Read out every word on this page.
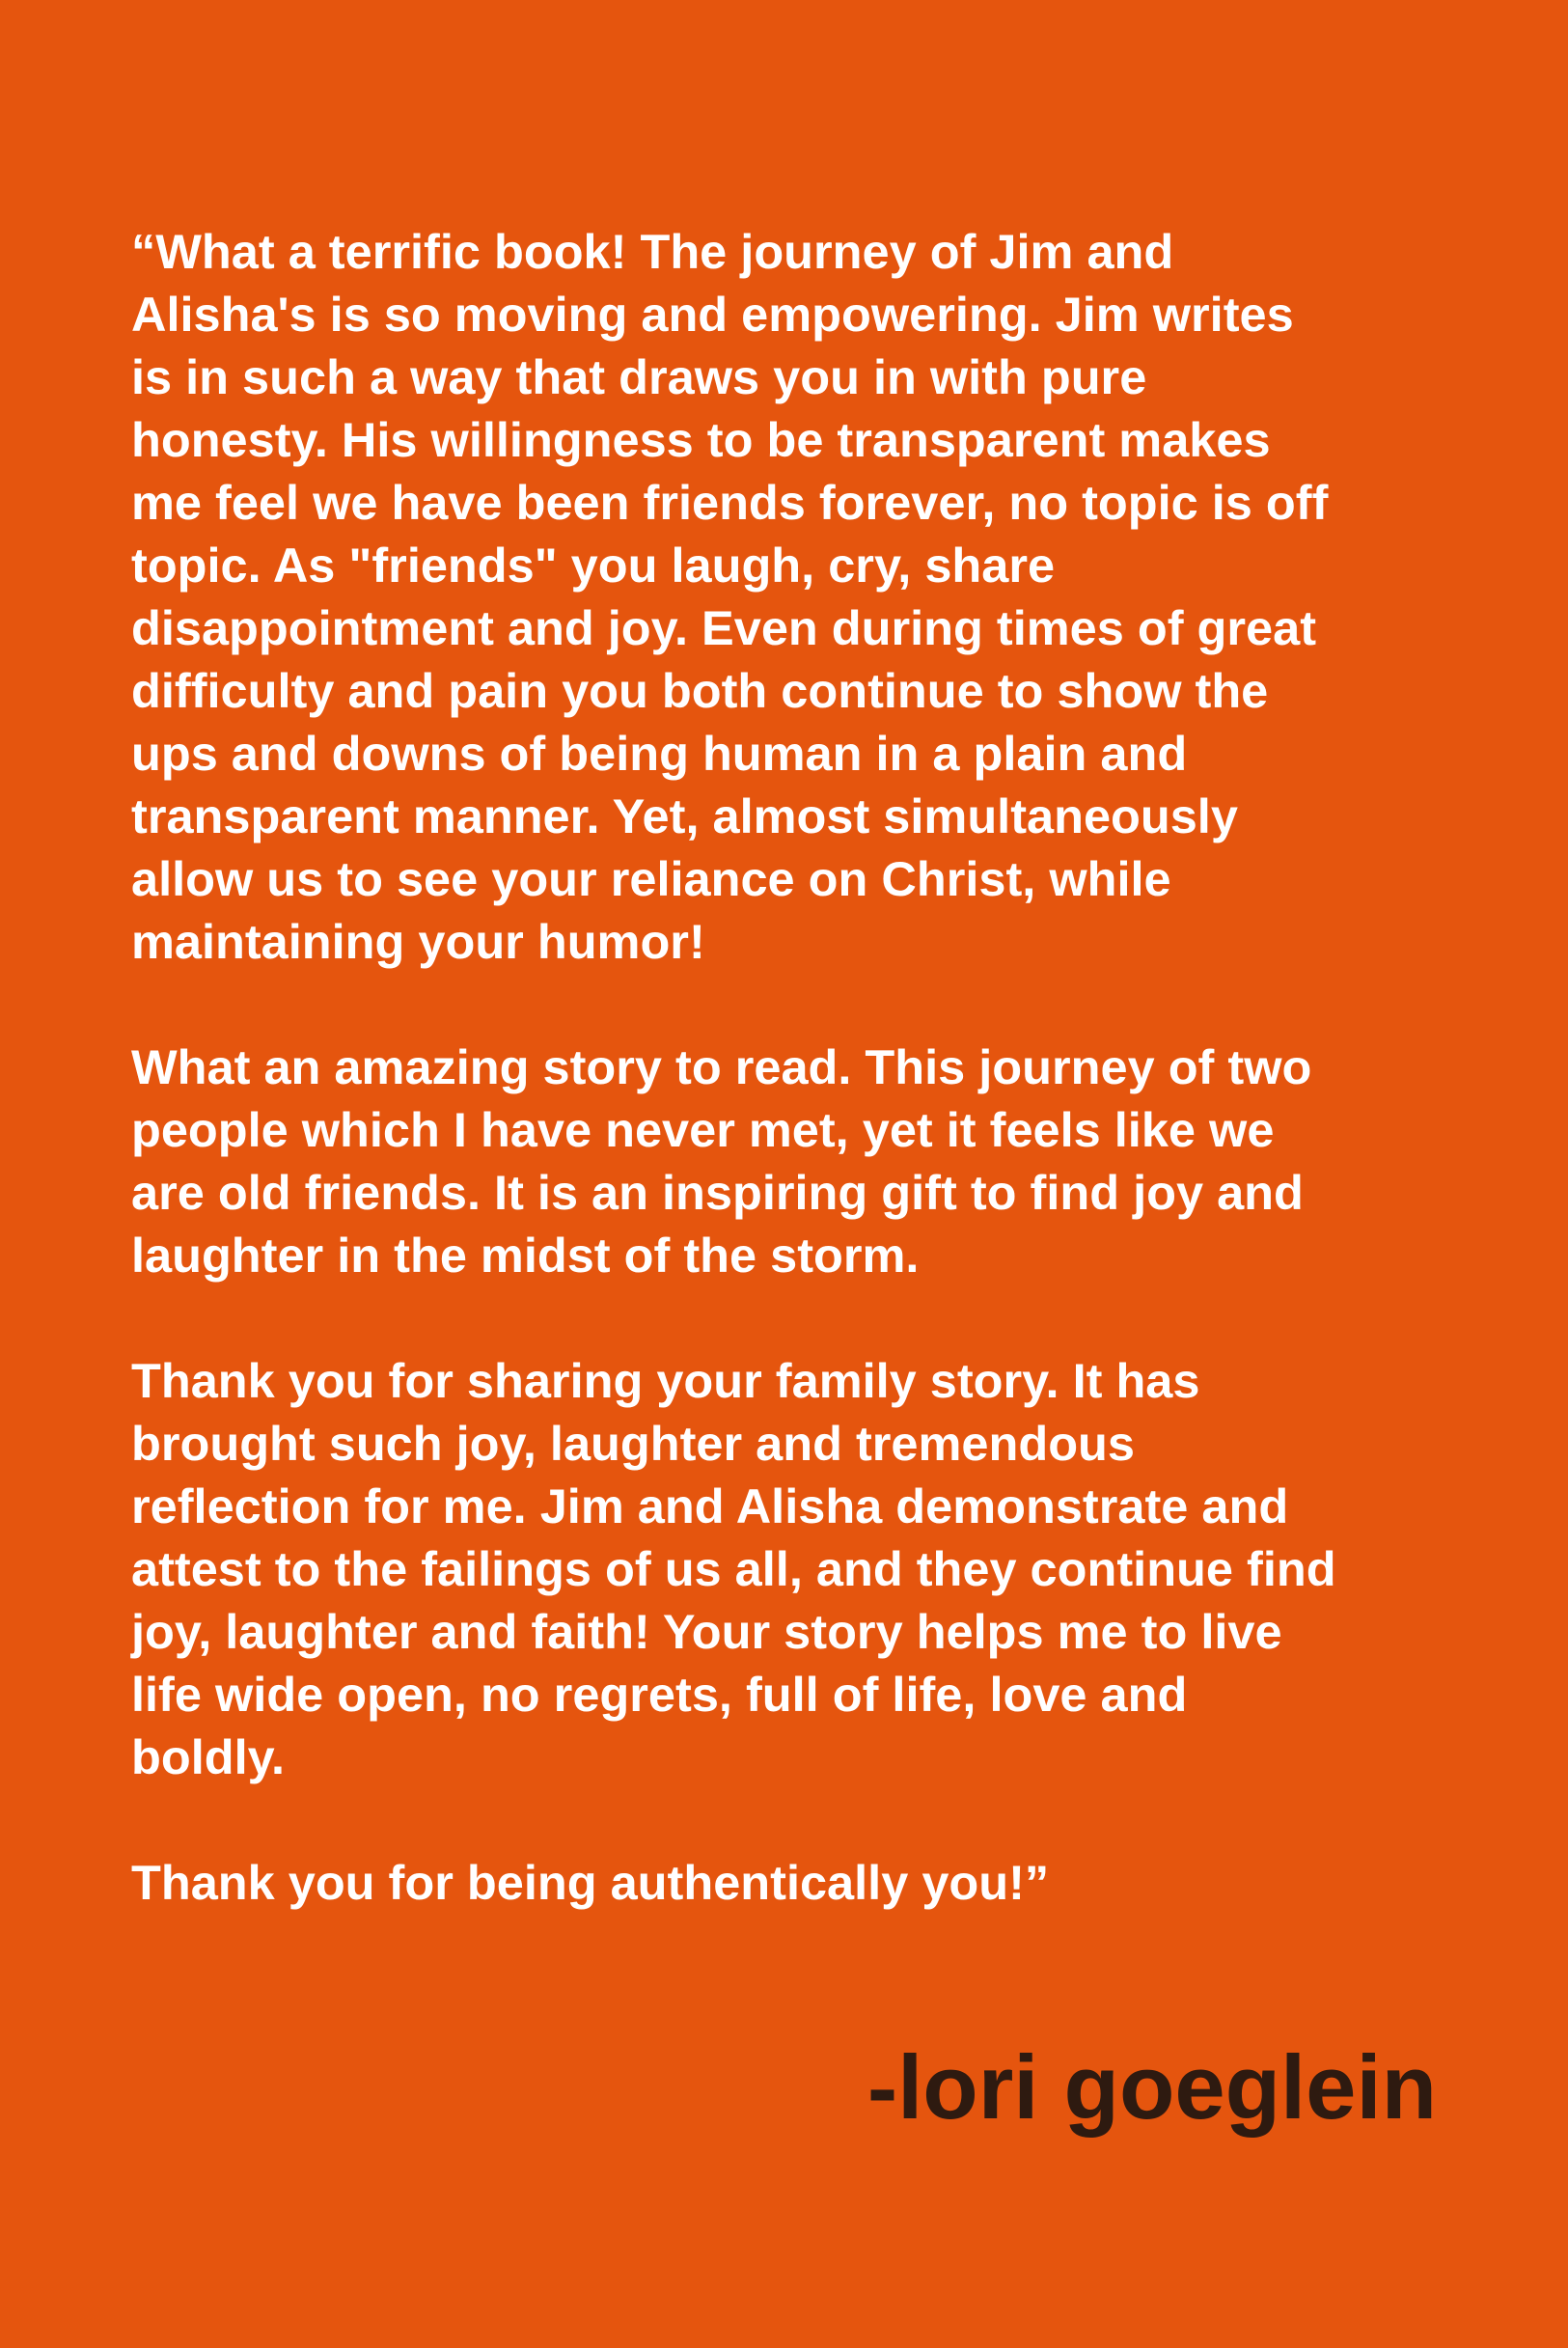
“What a terrific book! The journey of Jim and
Alisha's is so moving and empowering. Jim writes
is in such a way that draws you in with pure
honesty. His willingness to be transparent makes
me feel we have been friends forever, no topic is off
topic. As "friends" you laugh, cry, share
disappointment and joy. Even during times of great
difficulty and pain you both continue to show the
ups and downs of being human in a plain and
transparent manner. Yet, almost simultaneously
allow us to see your reliance on Christ, while
maintaining your humor!

What an amazing story to read. This journey of two
people which I have never met, yet it feels like we
are old friends. It is an inspiring gift to find joy and
laughter in the midst of the storm.

Thank you for sharing your family story. It has
brought such joy, laughter and tremendous
reflection for me. Jim and Alisha demonstrate and
attest to the failings of us all, and they continue find
joy, laughter and faith! Your story helps me to live
life wide open, no regrets, full of life, love and
boldly.

Thank you for being authentically you!”

-lori goeglein
